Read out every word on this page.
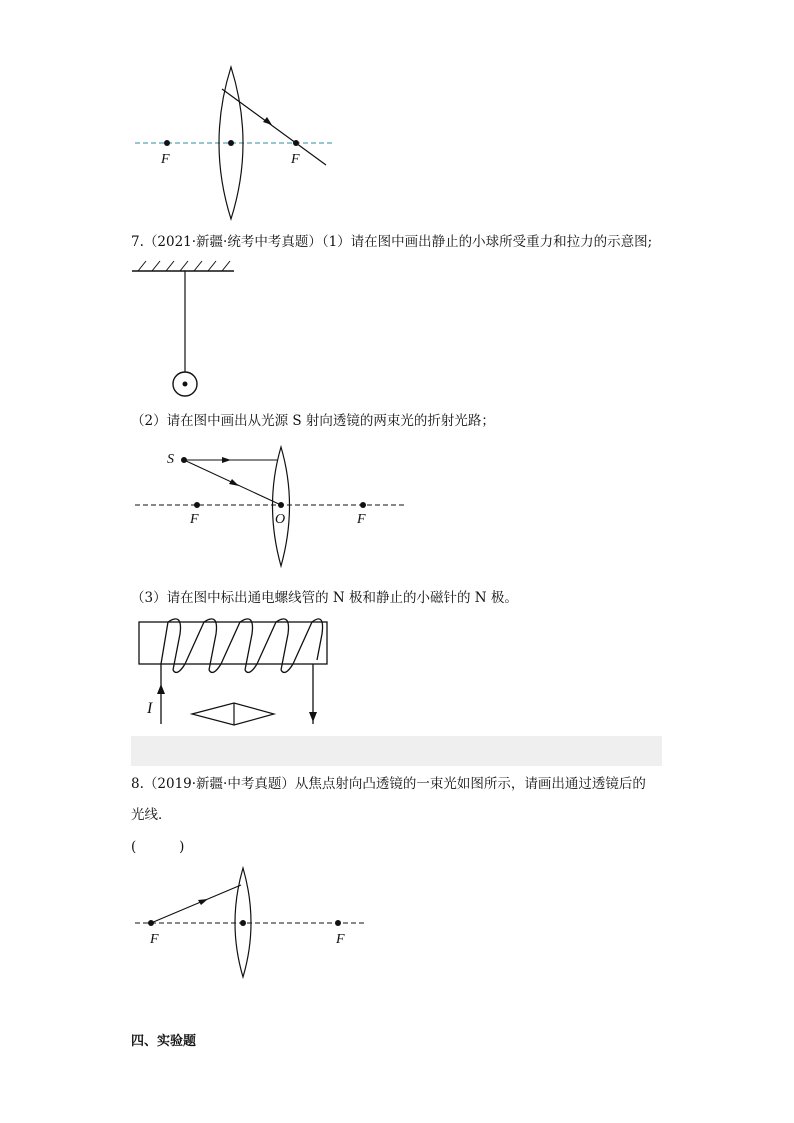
F	F
7.（2021·新疆·统考中考真题）（1）请在图中画出静止的小球所受重力和拉力的示意图;
（2）请在图中画出从光源 S 射向透镜的两束光的折射光路；
S
F	O	F
（3）请在图中标出通电螺线管的 N 极和静止的小磁针的 N 极。
I
8.（2019·新疆·中考真题）从焦点射向凸透镜的一束光如图所示，请画出通过透镜后的
光线．
(          )
F	F
四、实验题
